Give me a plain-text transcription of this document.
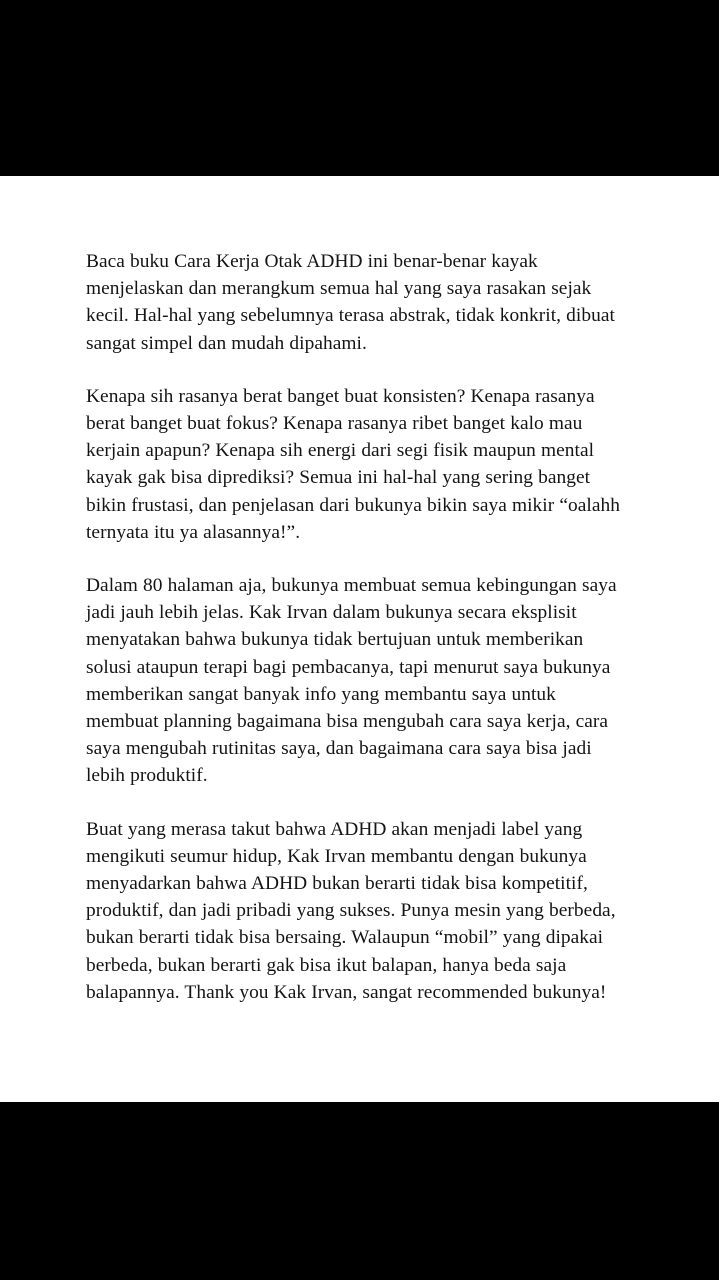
Baca buku Cara Kerja Otak ADHD ini benar-benar kayak menjelaskan dan merangkum semua hal yang saya rasakan sejak kecil. Hal-hal yang sebelumnya terasa abstrak, tidak konkrit, dibuat sangat simpel dan mudah dipahami.

Kenapa sih rasanya berat banget buat konsisten? Kenapa rasanya berat banget buat fokus? Kenapa rasanya ribet banget kalo mau kerjain apapun? Kenapa sih energi dari segi fisik maupun mental kayak gak bisa diprediksi? Semua ini hal-hal yang sering banget bikin frustasi, dan penjelasan dari bukunya bikin saya mikir “oalahh ternyata itu ya alasannya!”.

Dalam 80 halaman aja, bukunya membuat semua kebingungan saya jadi jauh lebih jelas. Kak Irvan dalam bukunya secara eksplisit menyatakan bahwa bukunya tidak bertujuan untuk memberikan solusi ataupun terapi bagi pembacanya, tapi menurut saya bukunya memberikan sangat banyak info yang membantu saya untuk membuat planning bagaimana bisa mengubah cara saya kerja, cara saya mengubah rutinitas saya, dan bagaimana cara saya bisa jadi lebih produktif.

Buat yang merasa takut bahwa ADHD akan menjadi label yang mengikuti seumur hidup, Kak Irvan membantu dengan bukunya menyadarkan bahwa ADHD bukan berarti tidak bisa kompetitif, produktif, dan jadi pribadi yang sukses. Punya mesin yang berbeda, bukan berarti tidak bisa bersaing. Walaupun “mobil” yang dipakai berbeda, bukan berarti gak bisa ikut balapan, hanya beda saja balapannya. Thank you Kak Irvan, sangat recommended bukunya!
